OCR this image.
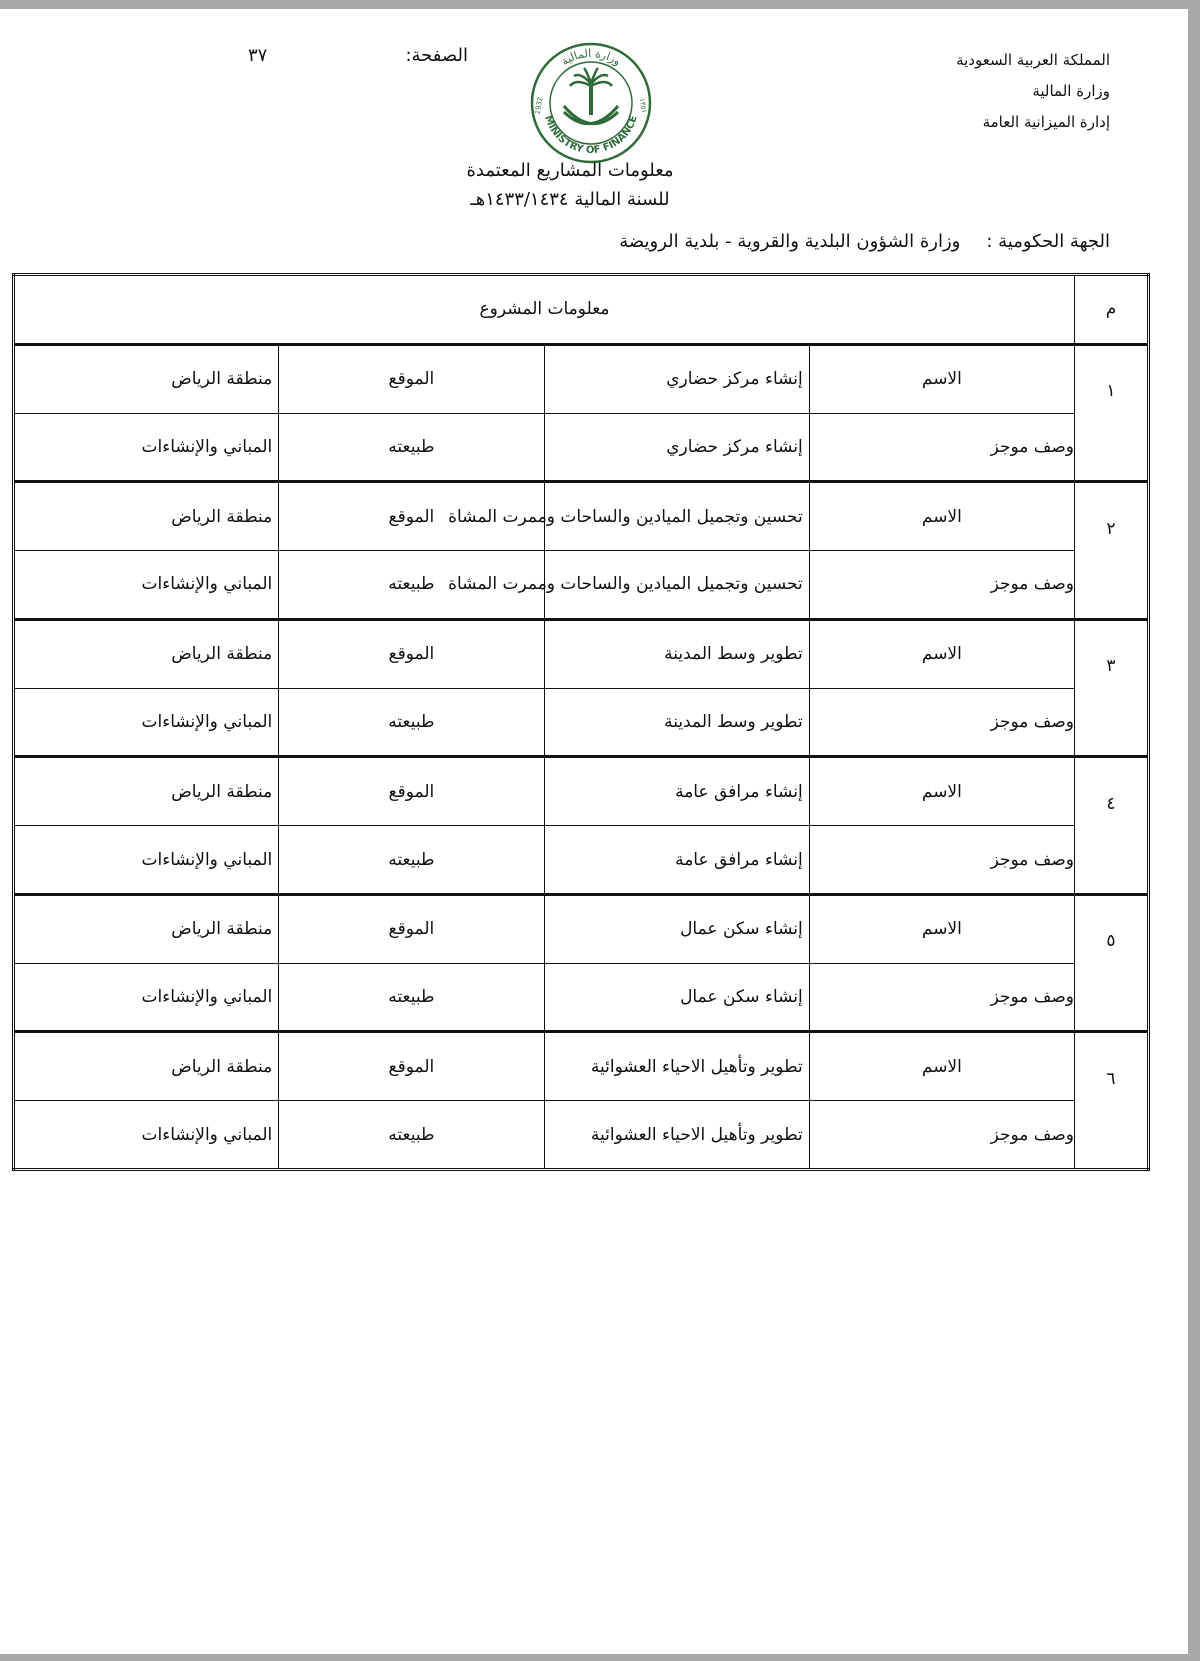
المملكة العربية السعودية
وزارة المالية
إدارة الميزانية العامة
الصفحة:
٣٧	وزارة المالية
MINISTRY OF FINANCE
1932	١٣٥١
معلومات المشاريع المعتمدة
للسنة المالية ١٤٣٣/١٤٣٤هـ
الجهة الحكومية :وزارة الشؤون البلدية والقروية - بلدية الرويضة
م	معلومات المشروع			
١	الاسم	إنشاء مركز حضاري	الموقع	منطقة الرياض
	وصف موجز	إنشاء مركز حضاري	طبيعته	المباني والإنشاءات
٢	الاسم	تحسين وتجميل الميادين والساحات وممرت المشاة	الموقع	منطقة الرياض
	وصف موجز	تحسين وتجميل الميادين والساحات وممرت المشاة	طبيعته	المباني والإنشاءات
٣	الاسم	تطوير وسط المدينة	الموقع	منطقة الرياض
	وصف موجز	تطوير وسط المدينة	طبيعته	المباني والإنشاءات
٤	الاسم	إنشاء مرافق عامة	الموقع	منطقة الرياض
	وصف موجز	إنشاء مرافق عامة	طبيعته	المباني والإنشاءات
٥	الاسم	إنشاء سكن عمال	الموقع	منطقة الرياض
	وصف موجز	إنشاء سكن عمال	طبيعته	المباني والإنشاءات
٦	الاسم	تطوير وتأهيل الاحياء العشوائية	الموقع	منطقة الرياض
	وصف موجز	تطوير وتأهيل الاحياء العشوائية	طبيعته	المباني والإنشاءات
